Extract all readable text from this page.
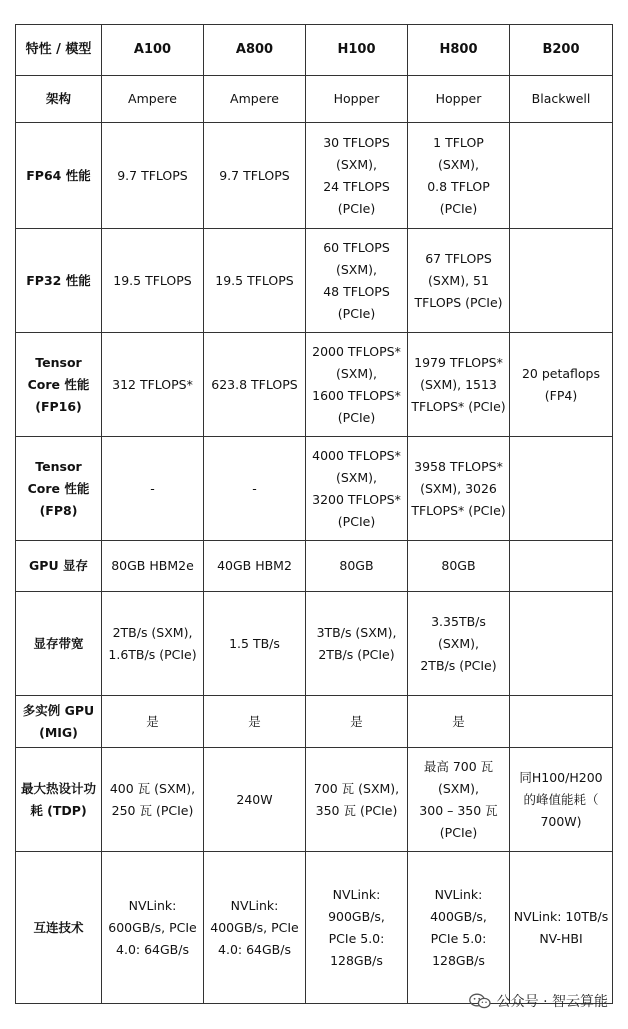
特性 / 模型	A100	A800	H100	H800	B200

架构	Ampere	Ampere	Hopper	Hopper	Blackwell

FP64 性能	9.7 TFLOPS	9.7 TFLOPS	30 TFLOPS
(SXM),
24 TFLOPS
(PCIe)	1 TFLOP
(SXM),
0.8 TFLOP
(PCIe)	

FP32 性能	19.5 TFLOPS	19.5 TFLOPS	60 TFLOPS
(SXM),
48 TFLOPS
(PCIe)	67 TFLOPS
(SXM), 51
TFLOPS (PCIe)	

Tensor
Core 性能
(FP16)	312 TFLOPS*	623.8 TFLOPS	2000 TFLOPS*
(SXM),
1600 TFLOPS*
(PCIe)	1979 TFLOPS*
(SXM), 1513
TFLOPS* (PCIe)	20 petaflops
(FP4)

Tensor
Core 性能
(FP8)	-	-	4000 TFLOPS*
(SXM),
3200 TFLOPS*
(PCIe)	3958 TFLOPS*
(SXM), 3026
TFLOPS* (PCIe)	

GPU 显存	80GB HBM2e	40GB HBM2	80GB	80GB	

显存带宽	2TB/s (SXM),
1.6TB/s (PCIe)	1.5 TB/s	3TB/s (SXM),
2TB/s (PCIe)	3.35TB/s
(SXM),
2TB/s (PCIe)	

多实例 GPU
(MIG)	是	是	是	是	

最大热设计功
耗 (TDP)	400 瓦 (SXM),
250 瓦 (PCIe)	240W	700 瓦 (SXM),
350 瓦 (PCIe)	最高 700 瓦
(SXM),
300 – 350 瓦
(PCIe)	同H100/H200
的峰值能耗（
700W)

互连技术	NVLink:
600GB/s, PCIe
4.0: 64GB/s	NVLink:
400GB/s, PCIe
4.0: 64GB/s	NVLink:
900GB/s,
PCIe 5.0:
128GB/s	NVLink:
400GB/s,
PCIe 5.0:
128GB/s	NVLink: 10TB/s
NV-HBI
公众号 · 智云算能
